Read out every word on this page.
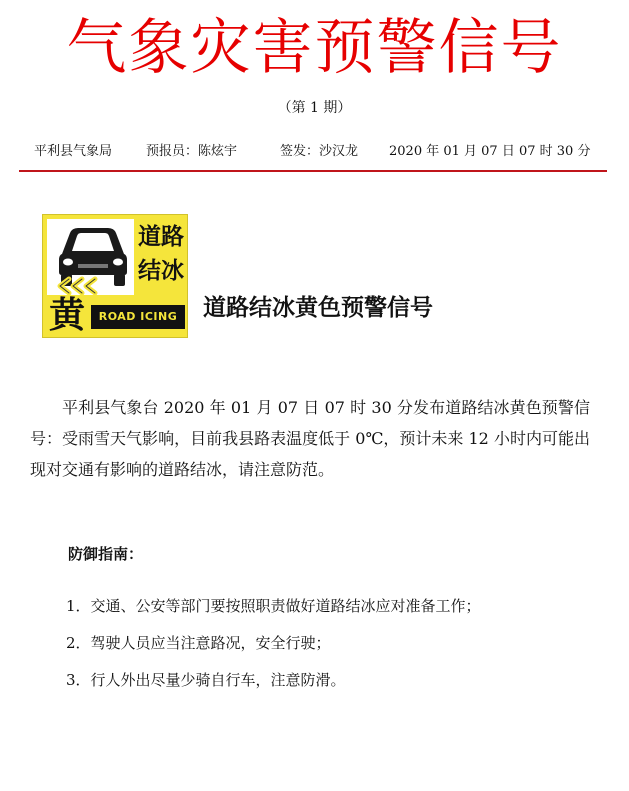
气象灾害预警信号
（第 1 期）
平利县气象局	预报员：陈炫宇	签发：沙汉龙 2020 年 01 月 07 日 07 时 30 分
道路
结冰
黄	ROAD ICING	道路结冰黄色预警信号

平利县气象台 2020 年 01 月 07 日 07 时 30 分发布道路结冰黄色预警信号：受雨雪天气影响，目前我县路表温度低于 0℃，预计未来 12 小时内可能出现对交通有影响的道路结冰，请注意防范。

防御指南：
1．交通、公安等部门要按照职责做好道路结冰应对准备工作；
2．驾驶人员应当注意路况，安全行驶；
3．行人外出尽量少骑自行车，注意防滑。
